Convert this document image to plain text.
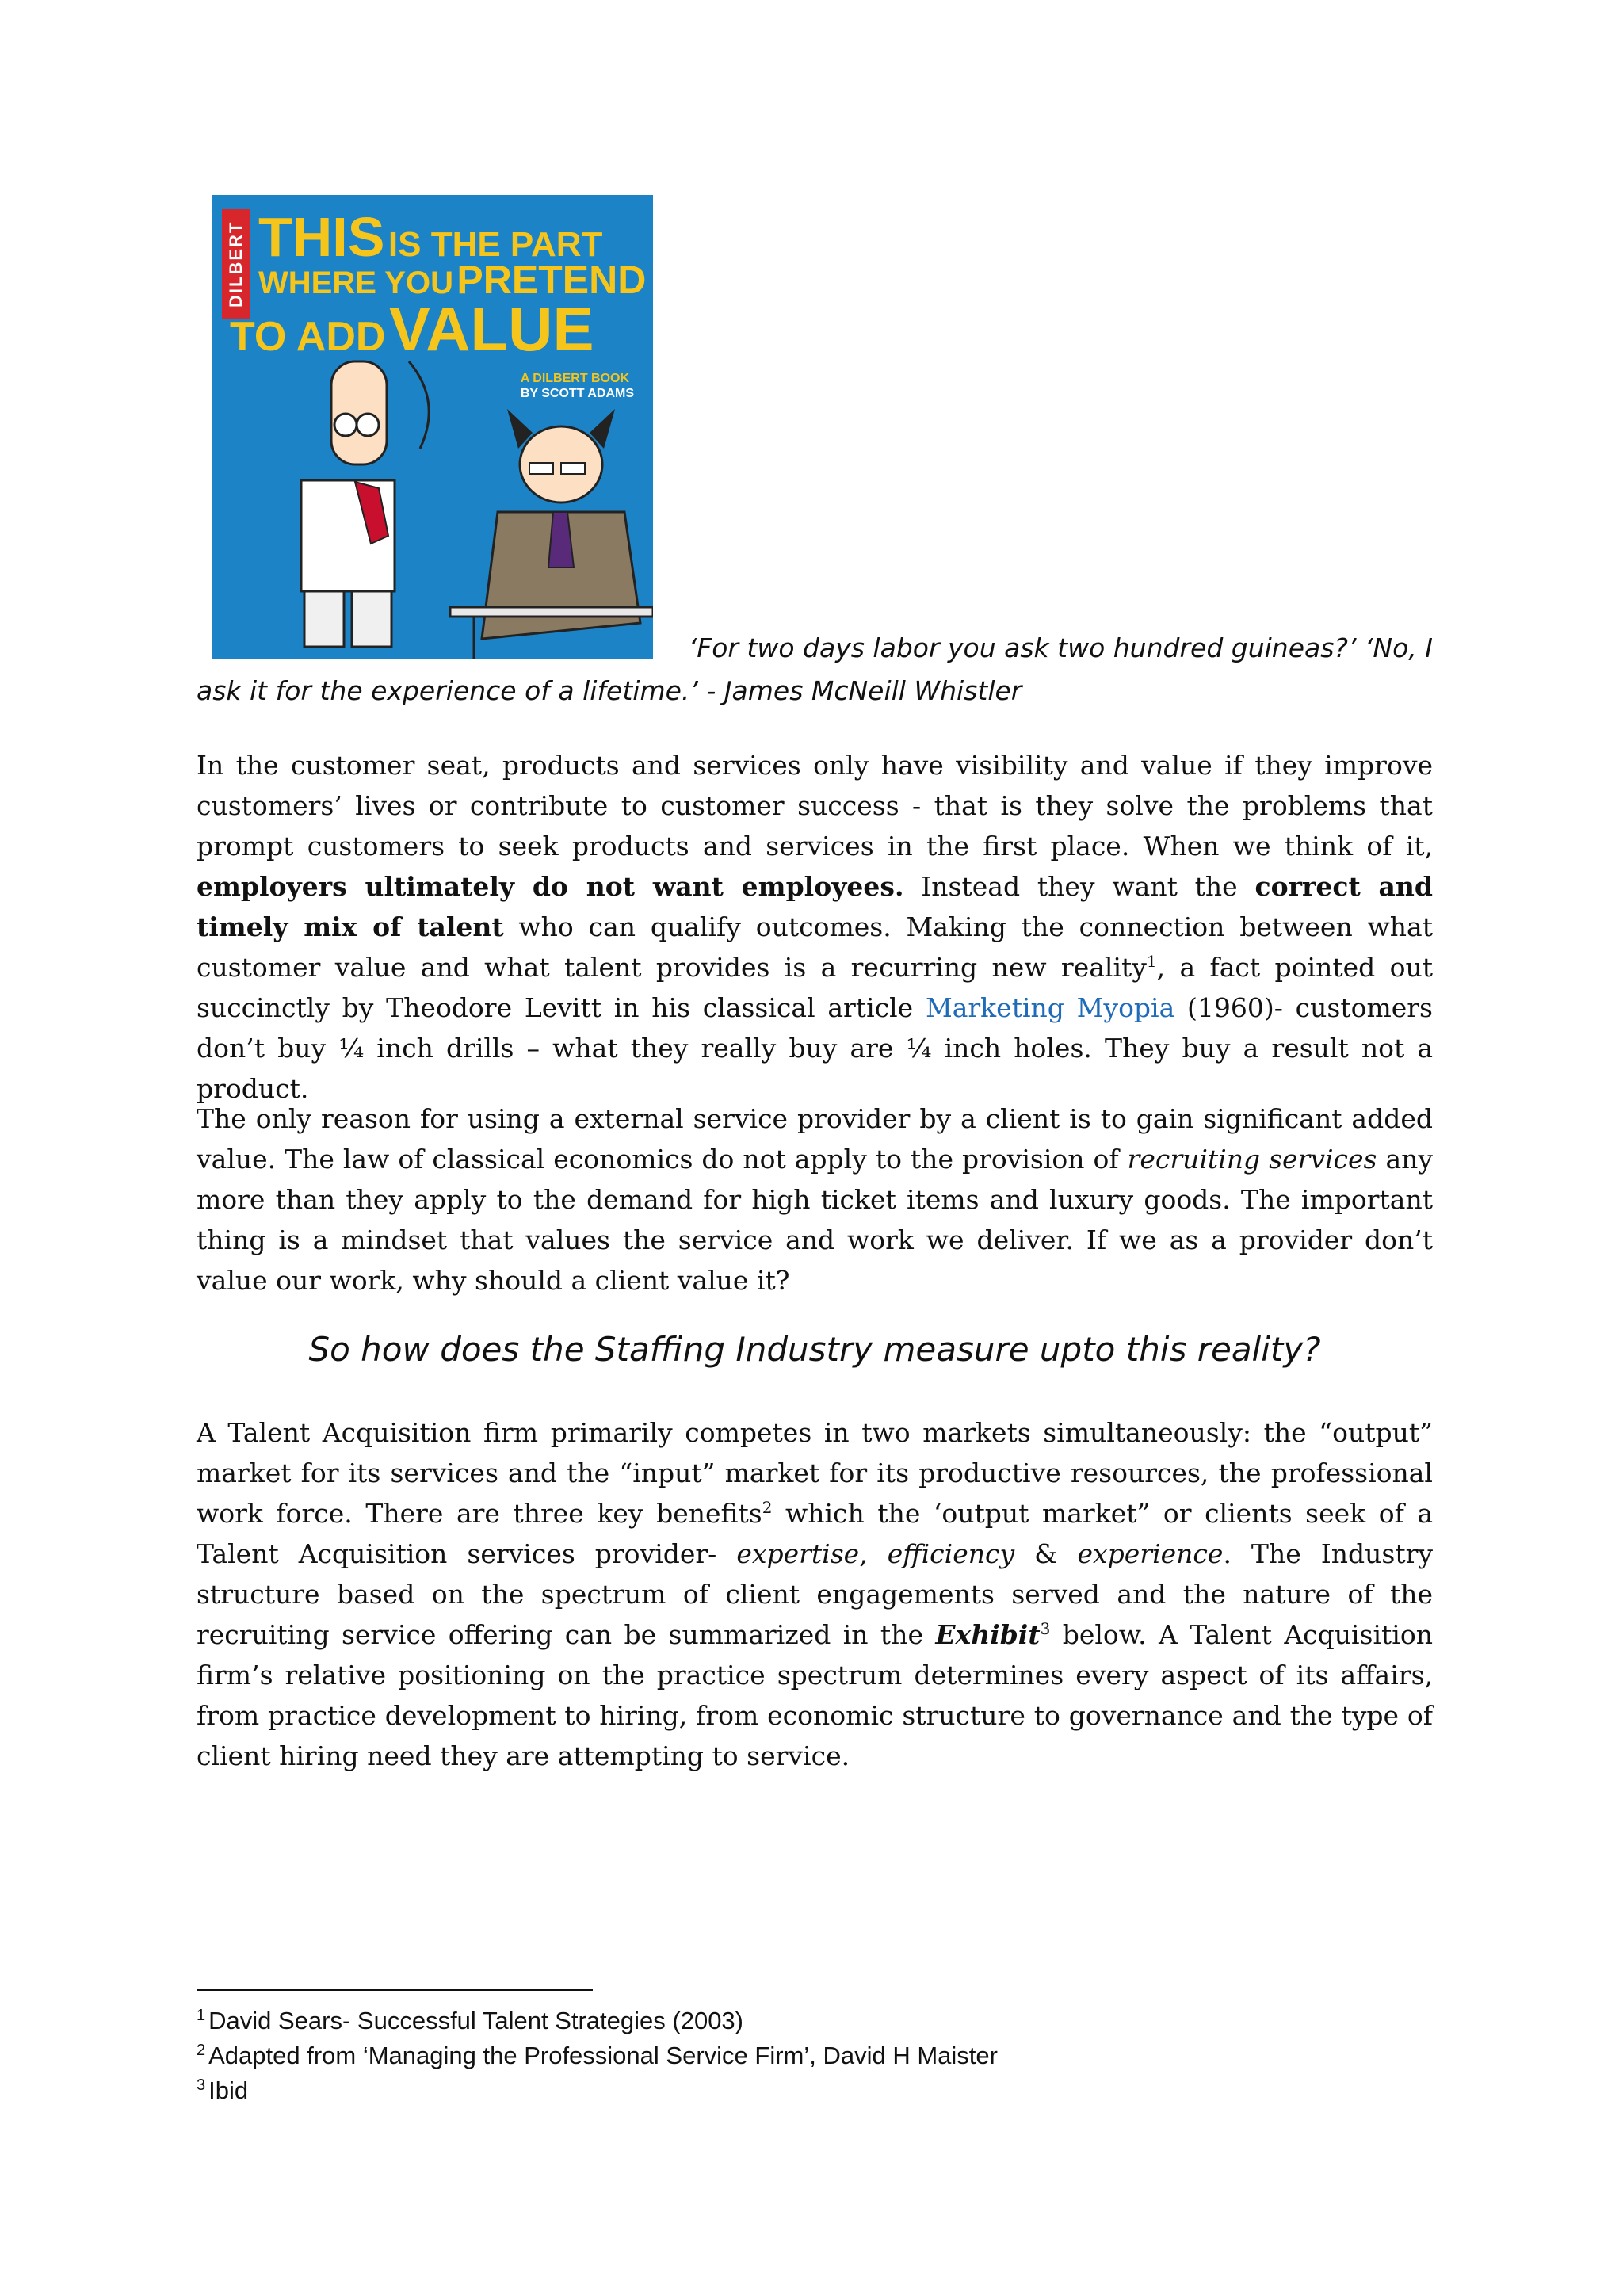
DILBERT THIS IS THE PART
WHERE YOU PRETEND
TO ADD VALUE
A DILBERT BOOK
BY SCOTT ADAMS
‘For two days labor you ask two hundred guineas?’ ‘No, I
ask it for the experience of a lifetime.’ - James McNeill Whistler

In the customer seat, products and services only have visibility and value if they improve customers’ lives or contribute to customer success - that is they solve the problems that prompt customers to seek products and services in the first place. When we think of it, employers ultimately do not want employees. Instead they want the correct and timely mix of talent who can qualify outcomes. Making the connection between what customer value and what talent provides is a recurring new reality$^1$, a fact pointed out succinctly by Theodore Levitt in his classical article Marketing Myopia (1960)- customers don’t buy ¼ inch drills – what they really buy are ¼ inch holes. They buy a result not a product.

The only reason for using a external service provider by a client is to gain significant added value. The law of classical economics do not apply to the provision of recruiting services any more than they apply to the demand for high ticket items and luxury goods. The important thing is a mindset that values the service and work we deliver. If we as a provider don’t value our work, why should a client value it?

So how does the Staffing Industry measure upto this reality?

A Talent Acquisition firm primarily competes in two markets simultaneously: the “output” market for its services and the “input” market for its productive resources, the professional work force. There are three key benefits$^2$ which the ‘output market” or clients seek of a Talent Acquisition services provider- expertise, efficiency & experience. The Industry structure based on the spectrum of client engagements served and the nature of the recruiting service offering can be summarized in the Exhibit$^3$ below. A Talent Acquisition firm’s relative positioning on the practice spectrum determines every aspect of its affairs, from practice development to hiring, from economic structure to governance and the type of client hiring need they are attempting to service.

$^1$ David Sears- Successful Talent Strategies (2003)
$^2$ Adapted from ‘Managing the Professional Service Firm’, David H Maister
$^3$ Ibid
